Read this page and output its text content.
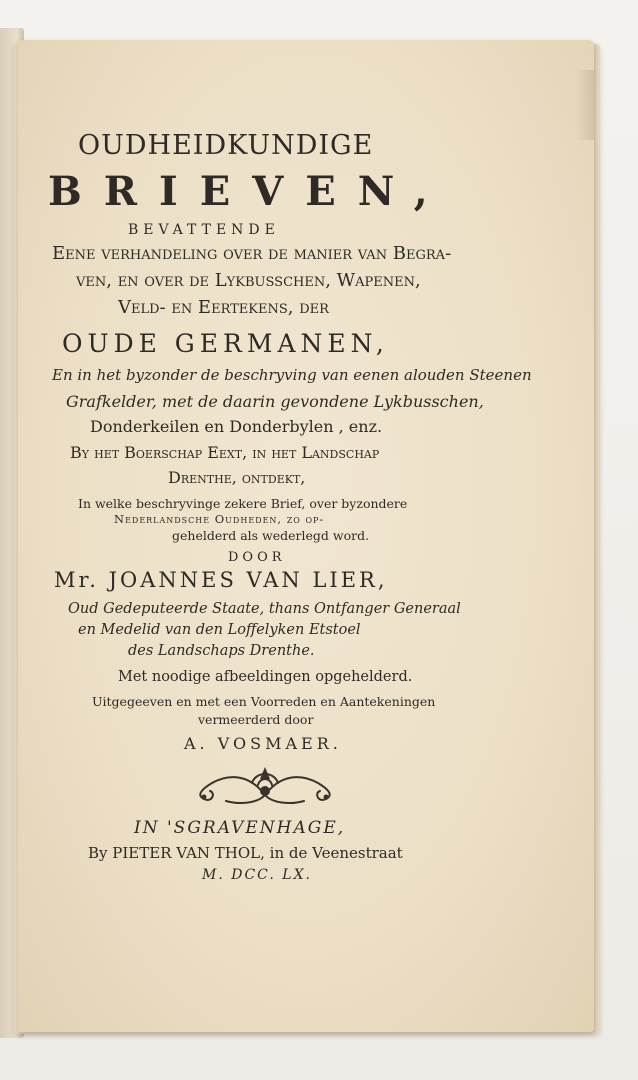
OUDHEIDKUNDIGE
BRIEVEN,
BEVATTENDE
Eene verhandeling over de manier van Begra-
ven, en over de Lykbusschen, Wapenen,
Veld- en Eertekens, der
OUDE GERMANEN,
En in het byzonder de beschryving van eenen alouden Steenen
Grafkelder, met de daarin gevondene Lykbusschen,
Donderkeilen en Donderbylen , enz.
By het Boerschap Eext, in het Landschap
Drenthe, ontdekt,
In welke beschryvinge zekere Brief, over byzondere
Nederlandsche Oudheden, zo op-
gehelderd als wederlegd word.
DOOR
Mr. JOANNES VAN LIER,
Oud Gedeputeerde Staate, thans Ontfanger Generaal
en Medelid van den Loffelyken Etstoel
des Landschaps Drenthe.
Met noodige afbeeldingen opgehelderd.
Uitgegeeven en met een Voorreden en Aantekeningen
vermeerderd door
A. VOSMAER.
IN 'SGRAVENHAGE,
By PIETER VAN THOL, in de Veenestraat
M. DCC. LX.
